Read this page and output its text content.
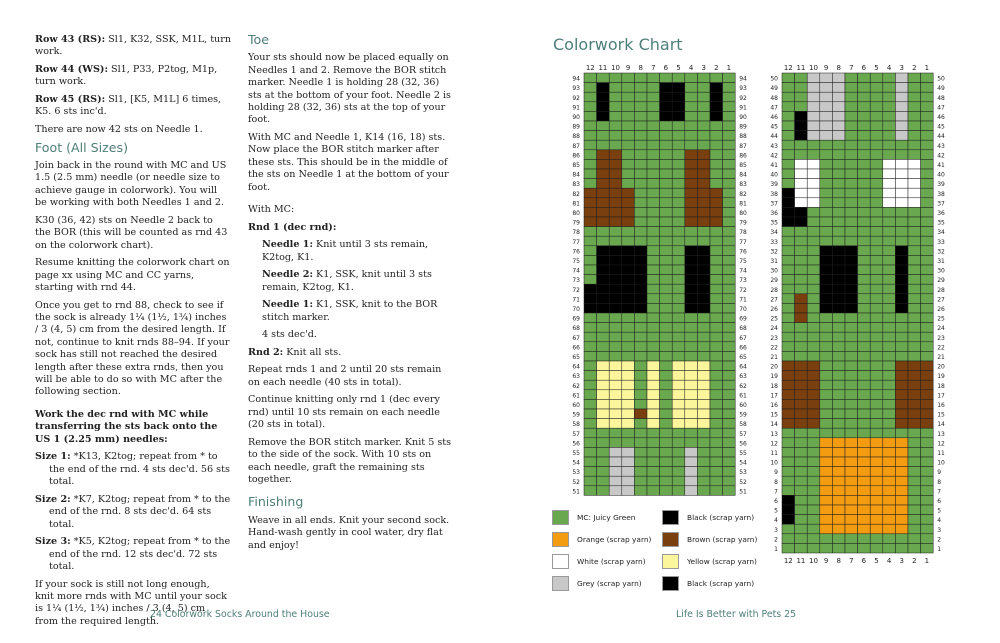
Row 43 (RS): Sl1, K32, SSK, M1L, turn work.

Row 44 (WS): Sl1, P33, P2tog, M1p, turn work.

Row 45 (RS): Sl1, [K5, M1L] 6 times, K5. 6 sts inc'd.

There are now 42 sts on Needle 1.

Foot (All Sizes)

Join back in the round with MC and US 1.5 (2.5 mm) needle (or needle size to achieve gauge in colorwork). You will be working with both Needles 1 and 2.

K30 (36, 42) sts on Needle 2 back to the BOR (this will be counted as rnd 43 on the colorwork chart).

Resume knitting the colorwork chart on page xx using MC and CC yarns, starting with rnd 44.

Once you get to rnd 88, check to see if the sock is already 1¼ (1½, 1¾) inches / 3 (4, 5) cm from the desired length. If not, continue to knit rnds 88–94. If your sock has still not reached the desired length after these extra rnds, then you will be able to do so with MC after the following section.

Work the dec rnd with MC while transferring the sts back onto the US 1 (2.25 mm) needles:

Size 1: *K13, K2tog; repeat from * to the end of the rnd. 4 sts dec'd. 56 sts total.

Size 2: *K7, K2tog; repeat from * to the end of the rnd. 8 sts dec'd. 64 sts total.

Size 3: *K5, K2tog; repeat from * to the end of the rnd. 12 sts dec'd. 72 sts total.

If your sock is still not long enough, knit more rnds with MC until your sock is 1¼ (1½, 1¾) inches / 3 (4, 5) cm from the required length.

Toe

Your sts should now be placed equally on Needles 1 and 2. Remove the BOR stitch marker. Needle 1 is holding 28 (32, 36) sts at the bottom of your foot. Needle 2 is holding 28 (32, 36) sts at the top of your foot.

With MC and Needle 1, K14 (16, 18) sts. Now place the BOR stitch marker after these sts. This should be in the middle of the sts on Needle 1 at the bottom of your foot.

With MC:

Rnd 1 (dec rnd):

Needle 1: Knit until 3 sts remain, K2tog, K1.

Needle 2: K1, SSK, knit until 3 sts remain, K2tog, K1.

Needle 1: K1, SSK, knit to the BOR stitch marker.

4 sts dec'd.

Rnd 2: Knit all sts.

Repeat rnds 1 and 2 until 20 sts remain on each needle (40 sts in total).

Continue knitting only rnd 1 (dec every rnd) until 10 sts remain on each needle (20 sts in total).

Remove the BOR stitch marker. Knit 5 sts to the side of the sock. With 10 sts on each needle, graft the remaining sts together.

Finishing

Weave in all ends. Knit your second sock. Hand-wash gently in cool water, dry flat and enjoy!

24 Colorwork Socks Around the House
Colorwork Chart
12 11 10 9 8 7 6 5 4 3 2 1
94	94
93	93
92	92
91	91
90	90
89	89
88	88
87	87
86	86
85	85
84	84
83	83
82	82
81	81
80	80
79	79
78	78
77	77
76	76
75	75
74	74
73	73
72	72
71	71
70	70
69	69
68	68
67	67
66	66
65	65
64	64
63	63
62	62
61	61
60	60
59	59
58	58
57	57
56	56
55	55
54	54
53	53
52	52
51	51
12 11 10 9 8 7 6 5 4 3 2 1
50	50
49	49
48	48
47	47
46	46
45	45
44	44
43	43
42	42
41	41
40	40
39	39
38	38
37	37
36	36
35	35
34	34
33	33
32	32
31	31
30	30
29	29
28	28
27	27
26	26
25	25
24	24
23	23
22	22
21	21
20	20
19	19
18	18
17	17
16	16
15	15
14	14
13	13
12	12
11	11
10	10
9	9
8	8
7	7
6	6
5	5
4	4
3	3
2	2
1	1
12 11 10 9 8 7 6 5 4 3 2 1
MC: Juicy Green	Black (scrap yarn)
Orange (scrap yarn)	Brown (scrap yarn)
White (scrap yarn)	Yellow (scrap yarn)
Grey (scrap yarn)	Black (scrap yarn)
Life Is Better with Pets 25
